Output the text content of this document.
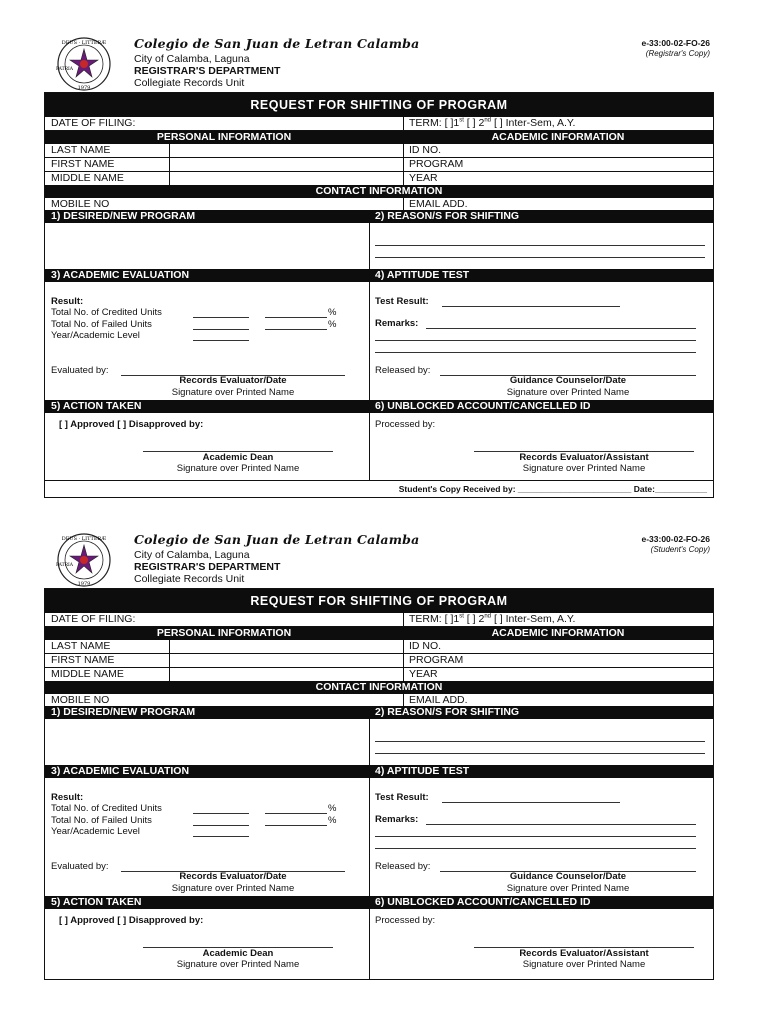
DEUS · LITTERÆ
1979
PATRIA
Colegio de San Juan de Letran Calamba
City of Calamba, Laguna
REGISTRAR'S DEPARTMENT
Collegiate Records Unit
e-33:00-02-FO-26
(Registrar's Copy)
REQUEST FOR SHIFTING OF PROGRAM
DATE OF FILING:	TERM: [ ]1st [ ] 2nd [ ] Inter-Sem, A.Y.
PERSONAL INFORMATION	ACADEMIC INFORMATION
LAST NAME	ID NO.
FIRST NAME	PROGRAM
MIDDLE NAME	YEAR
CONTACT INFORMATION
MOBILE NO	EMAIL ADD.
1) DESIRED/NEW PROGRAM	2) REASON/S FOR SHIFTING
3) ACADEMIC EVALUATION	4) APTITUDE TEST
Result:
Total No. of Credited Units	%
Total No. of Failed Units	%
Year/Academic Level
Evaluated by:
Records Evaluator/Date
Signature over Printed Name
Test Result:
Remarks:
Released by:
Guidance Counselor/Date
Signature over Printed Name
5) ACTION TAKEN	6) UNBLOCKED ACCOUNT/CANCELLED ID
[ ] Approved [ ] Disapproved by:
Academic Dean
Signature over Printed Name
Processed by:
Records Evaluator/Assistant
Signature over Printed Name
Student's Copy Received by: ________________________ Date:___________
DEUS · LITTERÆ
1979
PATRIA
Colegio de San Juan de Letran Calamba
City of Calamba, Laguna
REGISTRAR'S DEPARTMENT
Collegiate Records Unit
e-33:00-02-FO-26
(Student's Copy)
REQUEST FOR SHIFTING OF PROGRAM
DATE OF FILING:	TERM: [ ]1st [ ] 2nd [ ] Inter-Sem, A.Y.
PERSONAL INFORMATION	ACADEMIC INFORMATION
LAST NAME	ID NO.
FIRST NAME	PROGRAM
MIDDLE NAME	YEAR
CONTACT INFORMATION
MOBILE NO	EMAIL ADD.
1) DESIRED/NEW PROGRAM	2) REASON/S FOR SHIFTING
3) ACADEMIC EVALUATION	4) APTITUDE TEST
Result:
Total No. of Credited Units	%
Total No. of Failed Units	%
Year/Academic Level
Evaluated by:
Records Evaluator/Date
Signature over Printed Name
Test Result:
Remarks:
Released by:
Guidance Counselor/Date
Signature over Printed Name
5) ACTION TAKEN	6) UNBLOCKED ACCOUNT/CANCELLED ID
[ ] Approved [ ] Disapproved by:
Academic Dean
Signature over Printed Name
Processed by:
Records Evaluator/Assistant
Signature over Printed Name
